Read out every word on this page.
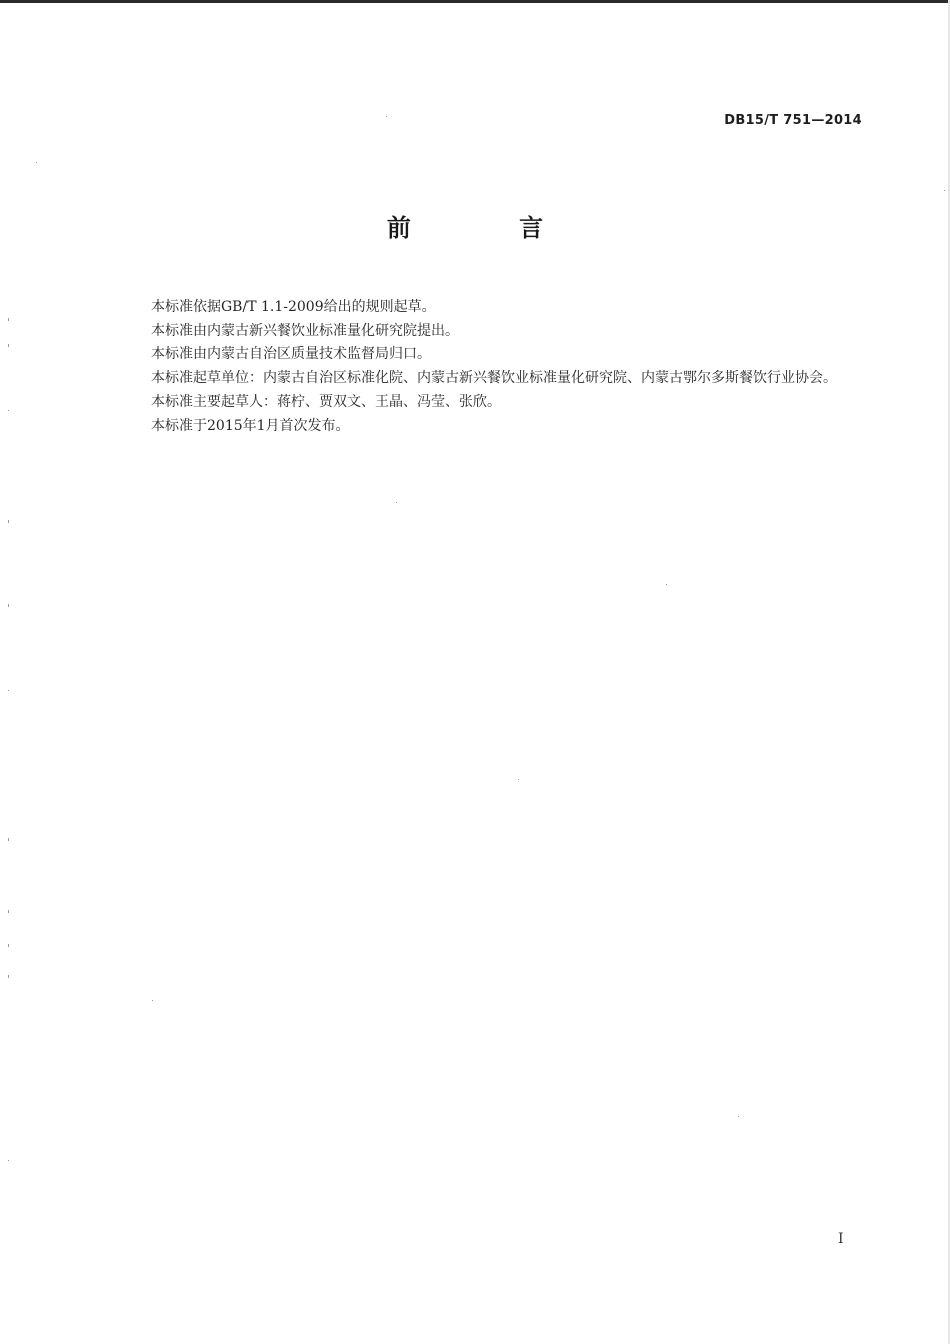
DB15/T 751—2014
前 言

本标准依据GB/T 1.1-2009给出的规则起草。

本标准由内蒙古新兴餐饮业标准量化研究院提出。

本标准由内蒙古自治区质量技术监督局归口。

本标准起草单位：内蒙古自治区标准化院、内蒙古新兴餐饮业标准量化研究院、内蒙古鄂尔多斯餐饮行业协会。

本标准主要起草人：蒋柠、贾双文、王晶、冯莹、张欣。

本标准于2015年1月首次发布。

I
